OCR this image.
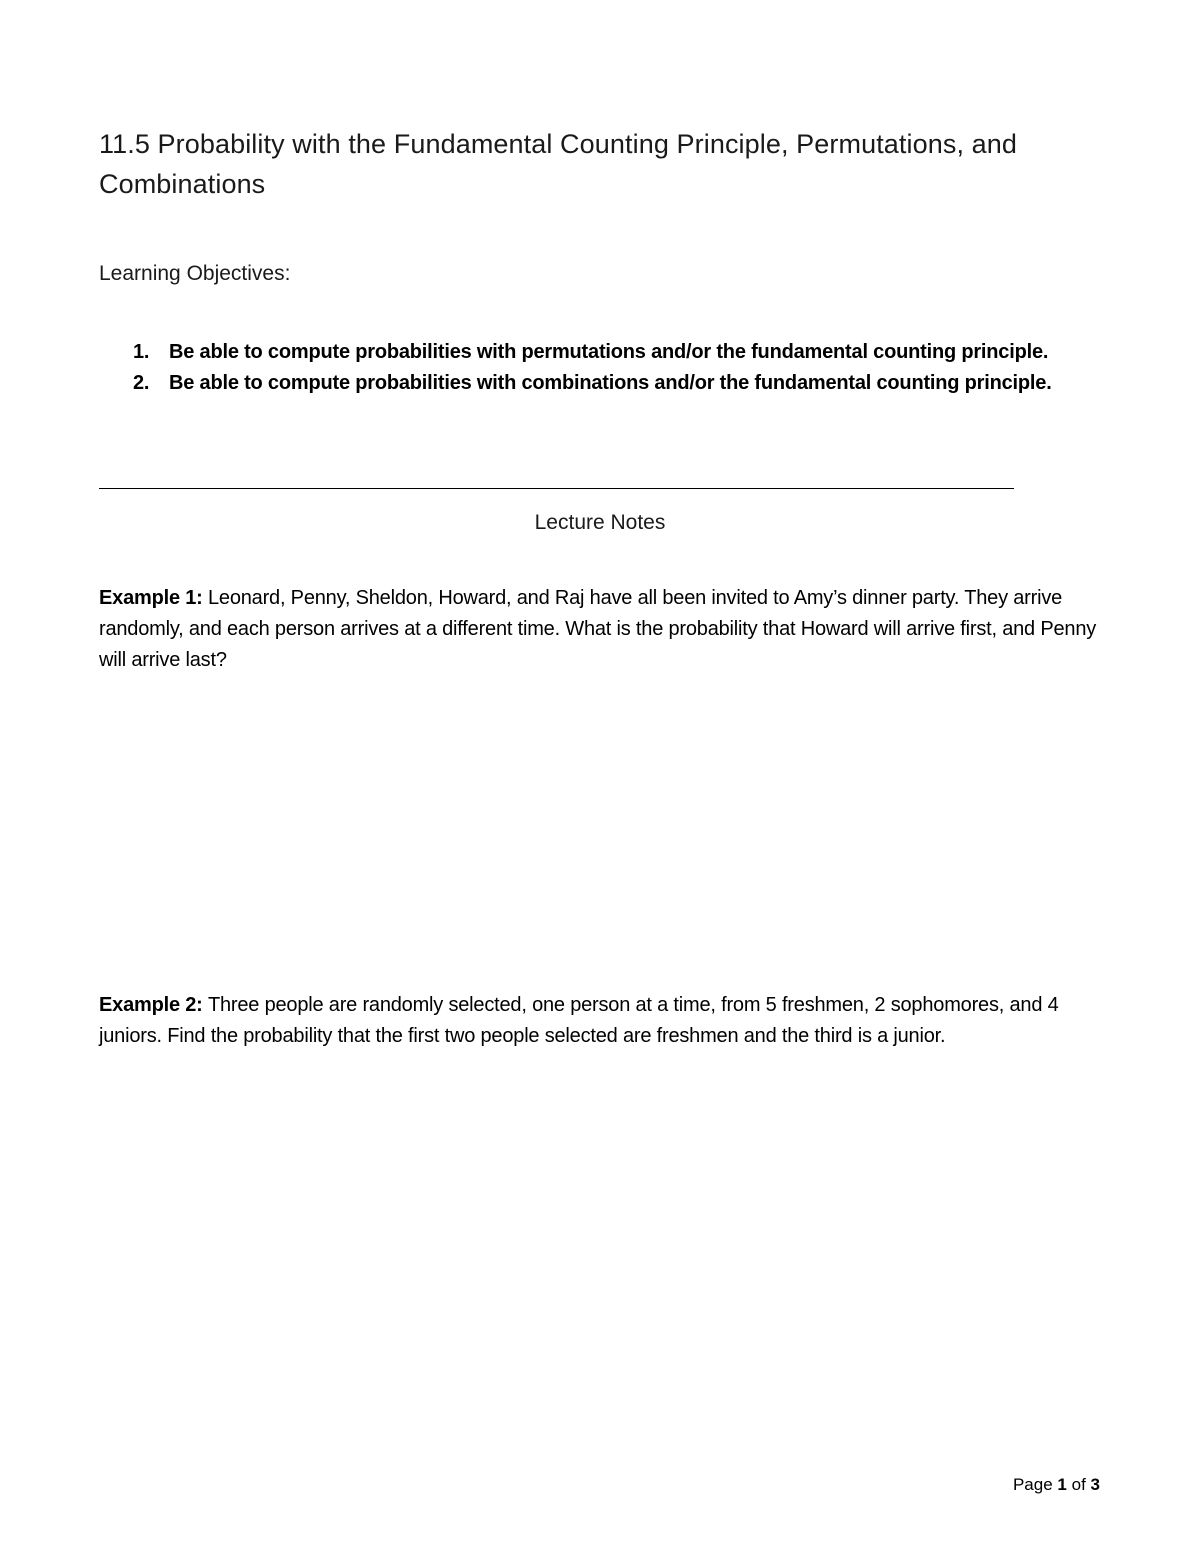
11.5 Probability with the Fundamental Counting Principle, Permutations, and Combinations
Learning Objectives:
1. Be able to compute probabilities with permutations and/or the fundamental counting principle.
2. Be able to compute probabilities with combinations and/or the fundamental counting principle.
Lecture Notes
Example 1: Leonard, Penny, Sheldon, Howard, and Raj have all been invited to Amy’s dinner party. They arrive randomly, and each person arrives at a different time. What is the probability that Howard will arrive first, and Penny will arrive last?
Example 2: Three people are randomly selected, one person at a time, from 5 freshmen, 2 sophomores, and 4 juniors. Find the probability that the first two people selected are freshmen and the third is a junior.
Page 1 of 3
